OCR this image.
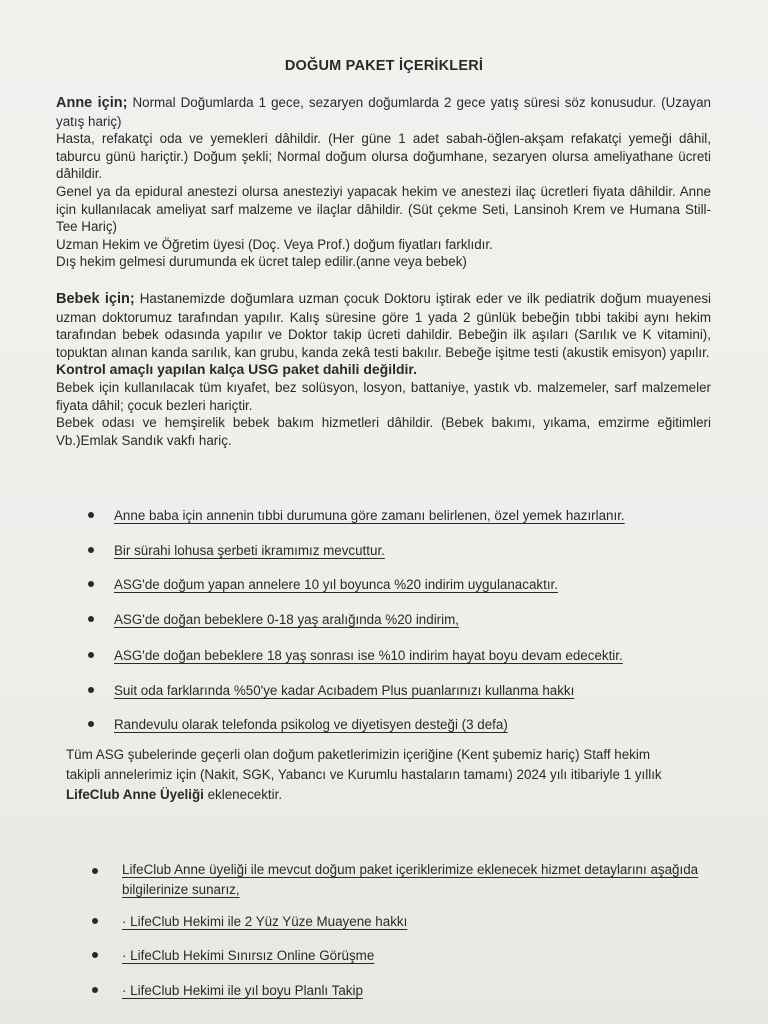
DOĞUM PAKET İÇERİKLERİ

Anne için; Normal Doğumlarda 1 gece, sezaryen doğumlarda 2 gece yatış süresi söz konusudur. (Uzayan yatış hariç)

Hasta, refakatçi oda ve yemekleri dâhildir. (Her güne 1 adet sabah-öğlen-akşam refakatçi yemeği dâhil, taburcu günü hariçtir.) Doğum şekli; Normal doğum olursa doğumhane, sezaryen olursa ameliyathane ücreti dâhildir.

Genel ya da epidural anestezi olursa anesteziyi yapacak hekim ve anestezi ilaç ücretleri fiyata dâhildir. Anne için kullanılacak ameliyat sarf malzeme ve ilaçlar dâhildir. (Süt çekme Seti, Lansinoh Krem ve Humana Still-Tee Hariç)

Uzman Hekim ve Öğretim üyesi (Doç. Veya Prof.) doğum fiyatları farklıdır.

Dış hekim gelmesi durumunda ek ücret talep edilir.(anne veya bebek)

Bebek için; Hastanemizde doğumlara uzman çocuk Doktoru iştirak eder ve ilk pediatrik doğum muayenesi uzman doktorumuz tarafından yapılır. Kalış süresine göre 1 yada 2 günlük bebeğin tıbbi takibi aynı hekim tarafından bebek odasında yapılır ve Doktor takip ücreti dahildir. Bebeğin ilk aşıları (Sarılık ve K vitamini), topuktan alınan kanda sarılık, kan grubu, kanda zekâ testi bakılır. Bebeğe işitme testi (akustik emisyon) yapılır.

Kontrol amaçlı yapılan kalça USG paket dahili değildir.

Bebek için kullanılacak tüm kıyafet, bez solüsyon, losyon, battaniye, yastık vb. malzemeler, sarf malzemeler fiyata dâhil; çocuk bezleri hariçtir.

Bebek odası ve hemşirelik bebek bakım hizmetleri dâhildir. (Bebek bakımı, yıkama, emzirme eğitimleri Vb.)Emlak Sandık vakfı hariç.

Anne baba için annenin tıbbi durumuna göre zamanı belirlenen, özel yemek hazırlanır.
Bir sürahi lohusa şerbeti ikramımız mevcuttur.
ASG'de doğum yapan annelere 10 yıl boyunca %20 indirim uygulanacaktır.
ASG'de doğan bebeklere 0-18 yaş aralığında %20 indirim,
ASG'de doğan bebeklere 18 yaş sonrası ise %10 indirim hayat boyu devam edecektir.
Suit oda farklarında %50'ye kadar Acıbadem Plus puanlarınızı kullanma hakkı
Randevulu olarak telefonda psikolog ve diyetisyen desteği (3 defa)

Tüm ASG şubelerinde geçerli olan doğum paketlerimizin içeriğine (Kent şubemiz hariç) Staff hekim takipli annelerimiz için (Nakit, SGK, Yabancı ve Kurumlu hastaların tamamı) 2024 yılı itibariyle 1 yıllık LifeClub Anne Üyeliği eklenecektir.

LifeClub Anne üyeliği ile mevcut doğum paket içeriklerimize eklenecek hizmet detaylarını aşağıda bilgilerinize sunarız,
· LifeClub Hekimi ile 2 Yüz Yüze Muayene hakkı
· LifeClub Hekimi Sınırsız Online Görüşme
· LifeClub Hekimi ile yıl boyu Planlı Takip
